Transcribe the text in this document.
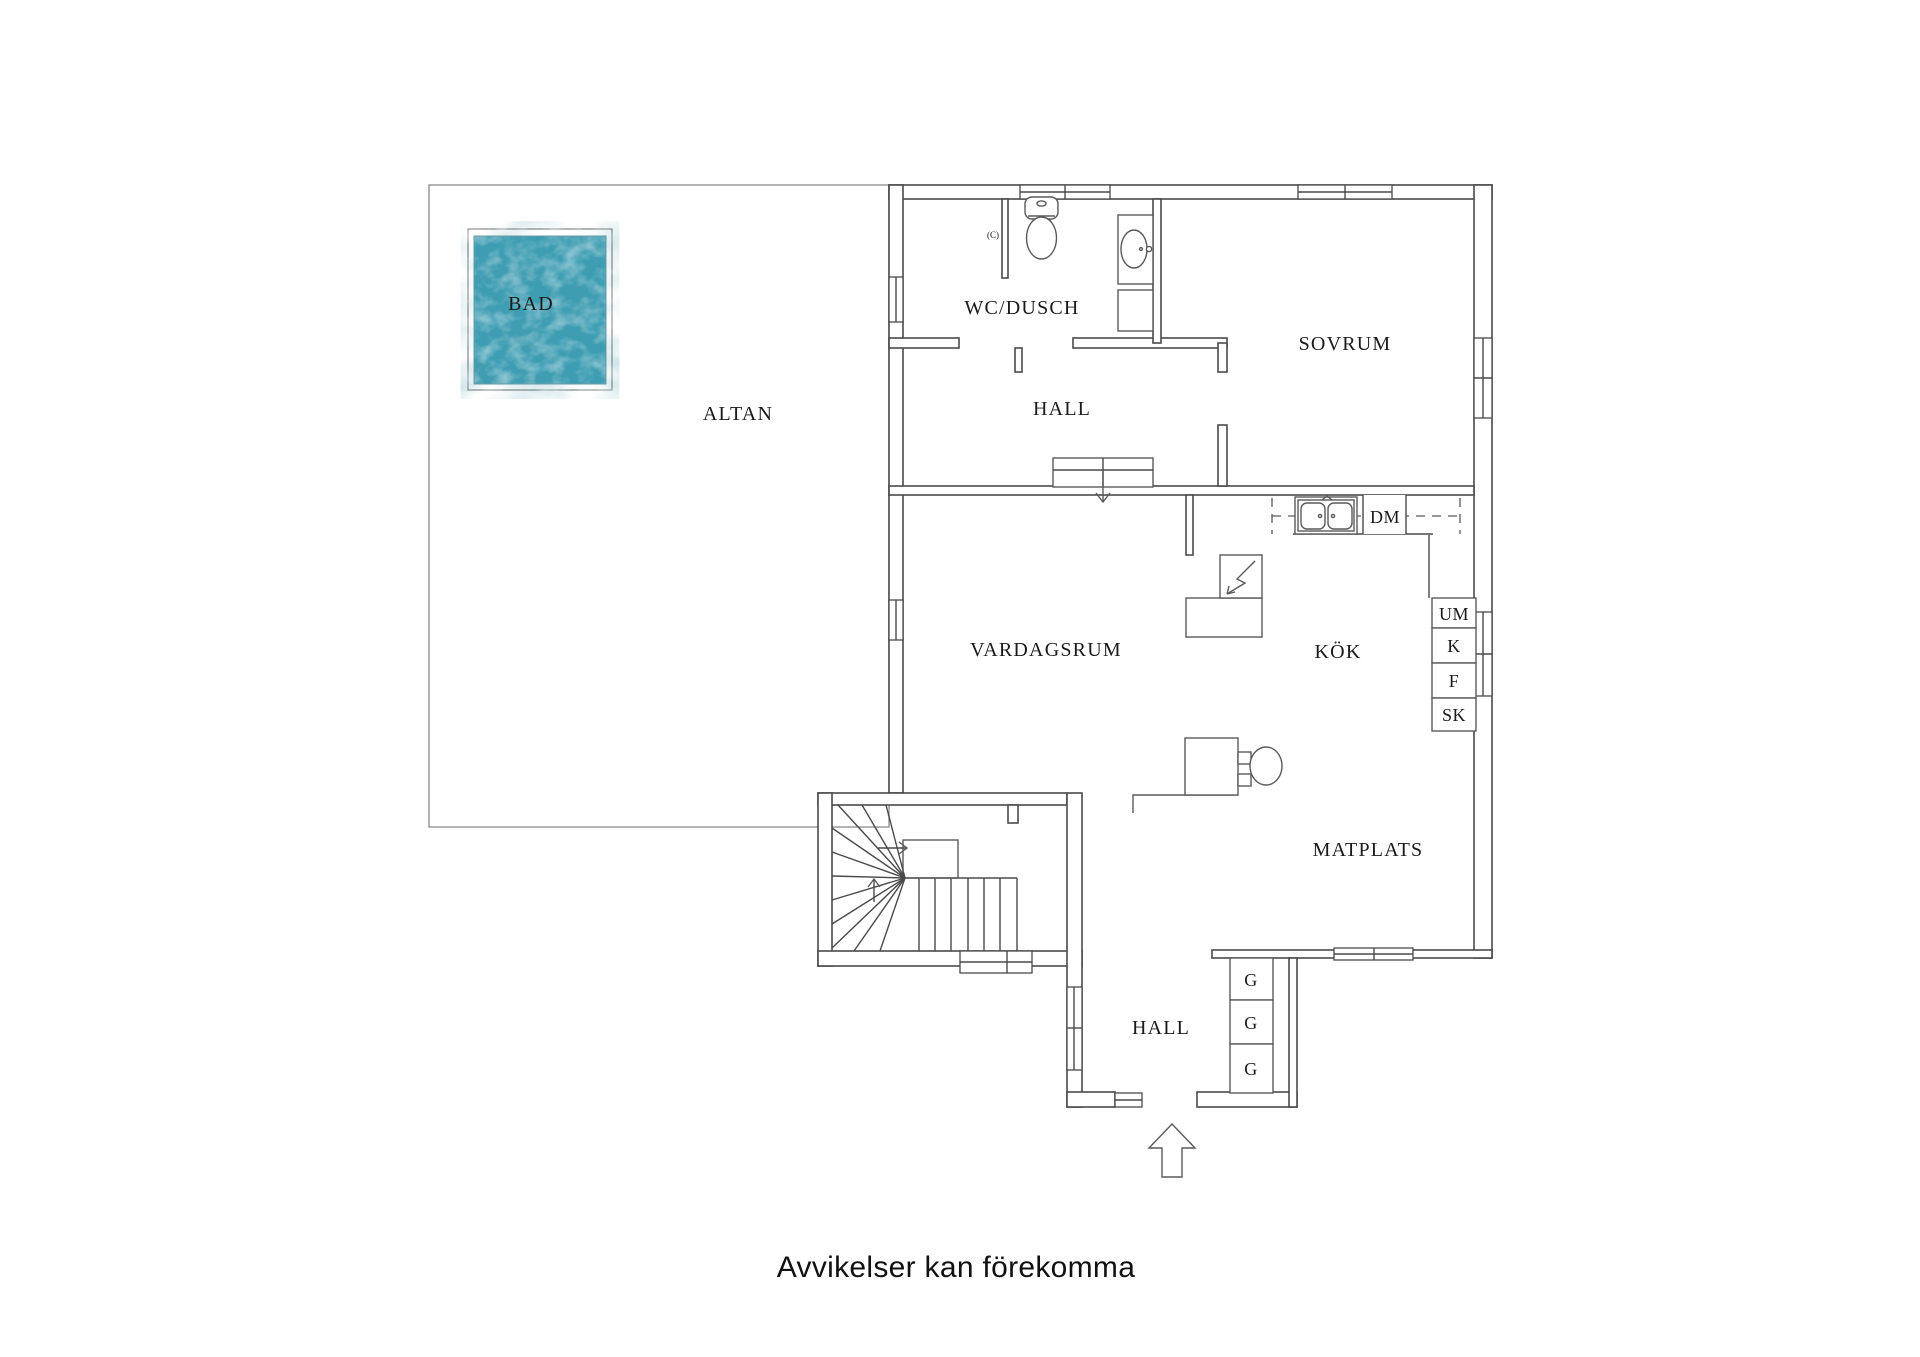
DM
UM
K
F
SK
G
G
G
BAD
ALTAN
WC/DUSCH
SOVRUM
HALL
VARDAGSRUM	KÖK
MATPLATS
HALL
(C)
Avvikelser kan förekomma
